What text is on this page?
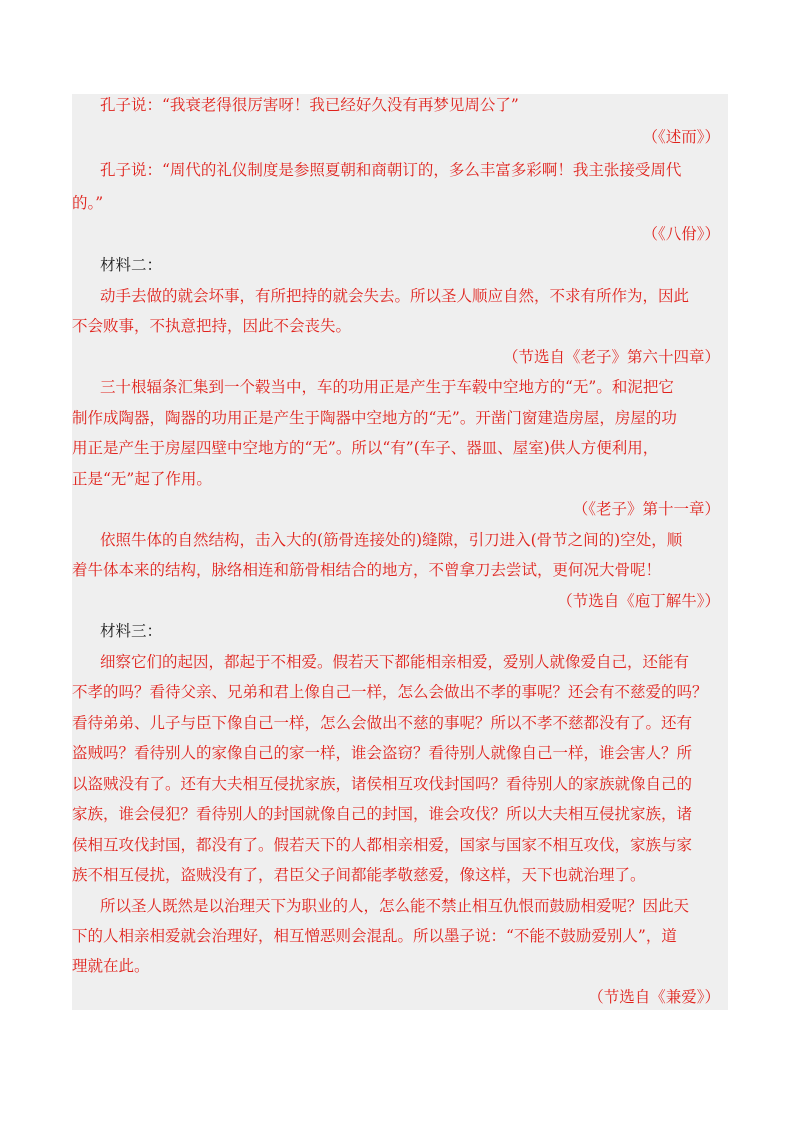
孔子说：“我衰老得很厉害呀！我已经好久没有再梦见周公了”
（《述而》）
孔子说：“周代的礼仪制度是参照夏朝和商朝订的，多么丰富多彩啊！我主张接受周代
的。”
（《八佾》）
材料二：
动手去做的就会坏事，有所把持的就会失去。所以圣人顺应自然，不求有所作为，因此
不会败事，不执意把持，因此不会丧失。
（节选自《老子》第六十四章）
三十根辐条汇集到一个毂当中，车的功用正是产生于车毂中空地方的“无”。和泥把它
制作成陶器，陶器的功用正是产生于陶器中空地方的“无”。开凿门窗建造房屋，房屋的功
用正是产生于房屋四壁中空地方的“无”。所以“有”(车子、器皿、屋室)供人方便利用，
正是“无”起了作用。
（《老子》第十一章）
依照牛体的自然结构，击入大的(筋骨连接处的)缝隙，引刀进入(骨节之间的)空处，顺
着牛体本来的结构，脉络相连和筋骨相结合的地方，不曾拿刀去尝试，更何况大骨呢！
（节选自《庖丁解牛》）
材料三：
细察它们的起因，都起于不相爱。假若天下都能相亲相爱，爱别人就像爱自己，还能有
不孝的吗？看待父亲、兄弟和君上像自己一样，怎么会做出不孝的事呢？还会有不慈爱的吗？
看待弟弟、儿子与臣下像自己一样，怎么会做出不慈的事呢？所以不孝不慈都没有了。还有
盗贼吗？看待别人的家像自己的家一样，谁会盗窃？看待别人就像自己一样，谁会害人？所
以盗贼没有了。还有大夫相互侵扰家族，诸侯相互攻伐封国吗？看待别人的家族就像自己的
家族，谁会侵犯？看待别人的封国就像自己的封国，谁会攻伐？所以大夫相互侵扰家族，诸
侯相互攻伐封国，都没有了。假若天下的人都相亲相爱，国家与国家不相互攻伐，家族与家
族不相互侵扰，盗贼没有了，君臣父子间都能孝敬慈爱，像这样，天下也就治理了。
所以圣人既然是以治理天下为职业的人，怎么能不禁止相互仇恨而鼓励相爱呢？因此天
下的人相亲相爱就会治理好，相互憎恶则会混乱。所以墨子说：“不能不鼓励爱别人”，道
理就在此。
（节选自《兼爱》）
